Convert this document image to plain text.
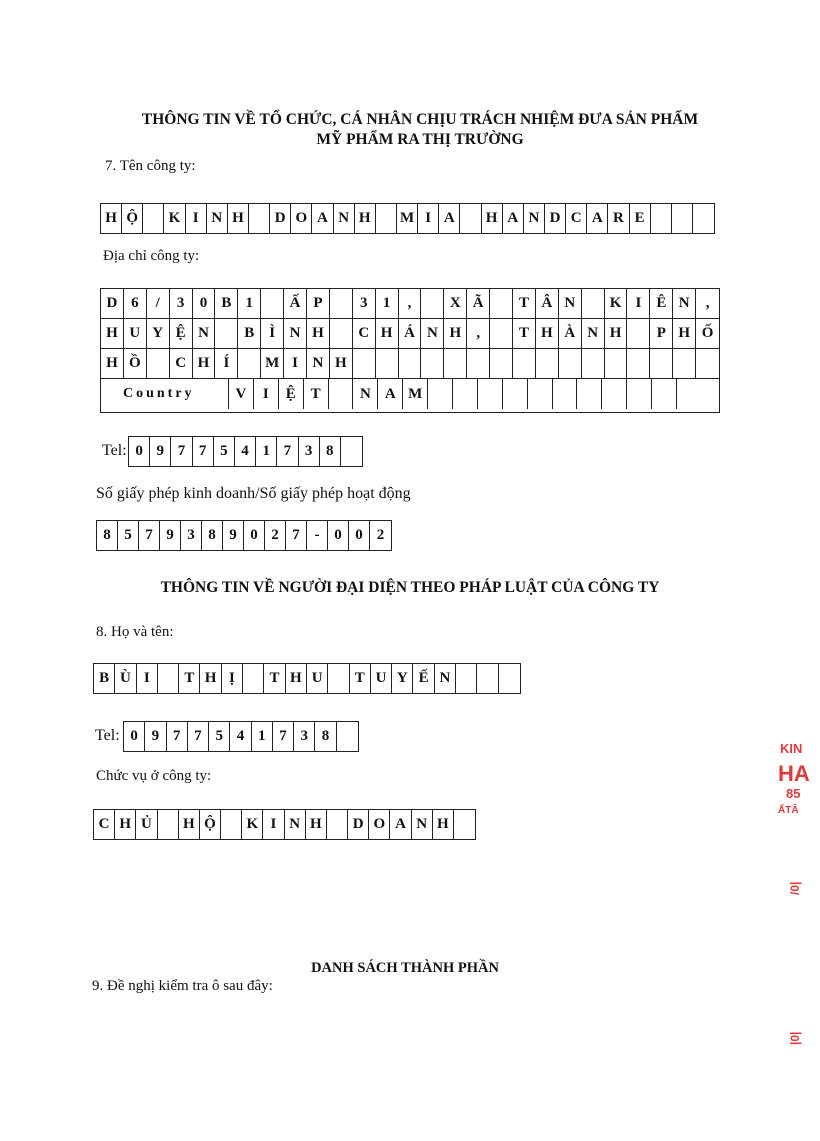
THÔNG TIN VỀ TỔ CHỨC, CÁ NHÂN CHỊU TRÁCH NHIỆM ĐƯA SẢN PHẨM
MỸ PHẨM RA THỊ TRƯỜNG
7. Tên công ty:
H Ộ	K I N H	D O A N H	M I A	H A N D C A R E
Địa chỉ công ty:
D 6	/	3	0 B 1	Ấ P	3	1	,	X Ã	T Â N	K I Ê N	,
H U Y Ệ N	B Ì N H	C H Á N H	,	T H À N H	P H Ố
H Ồ	C H Í	M I N H
Country	V	I	Ệ T	N A M
Tel: 0 9 7 7 5 4 1 7 3 8
Số giấy phép kinh doanh/Số giấy phép hoạt động
8 5 7 9 3 8 9 0 2 7 - 0 0 2
THÔNG TIN VỀ NGƯỜI ĐẠI DIỆN THEO PHÁP LUẬT CỦA CÔNG TY
8. Họ và tên:
B Ù I	T H Ị	T H U	T U Y Ế N
Tel: 0 9 7 7 5 4 1 7 3 8
Chức vụ ở công ty:
C H Ủ	H Ộ	K I N H	D O A N H
DANH SÁCH THÀNH PHẦN
9. Đề nghị kiểm tra ô sau đây:
KIN
HA
85
ẤTÂ
/0|
|0|
